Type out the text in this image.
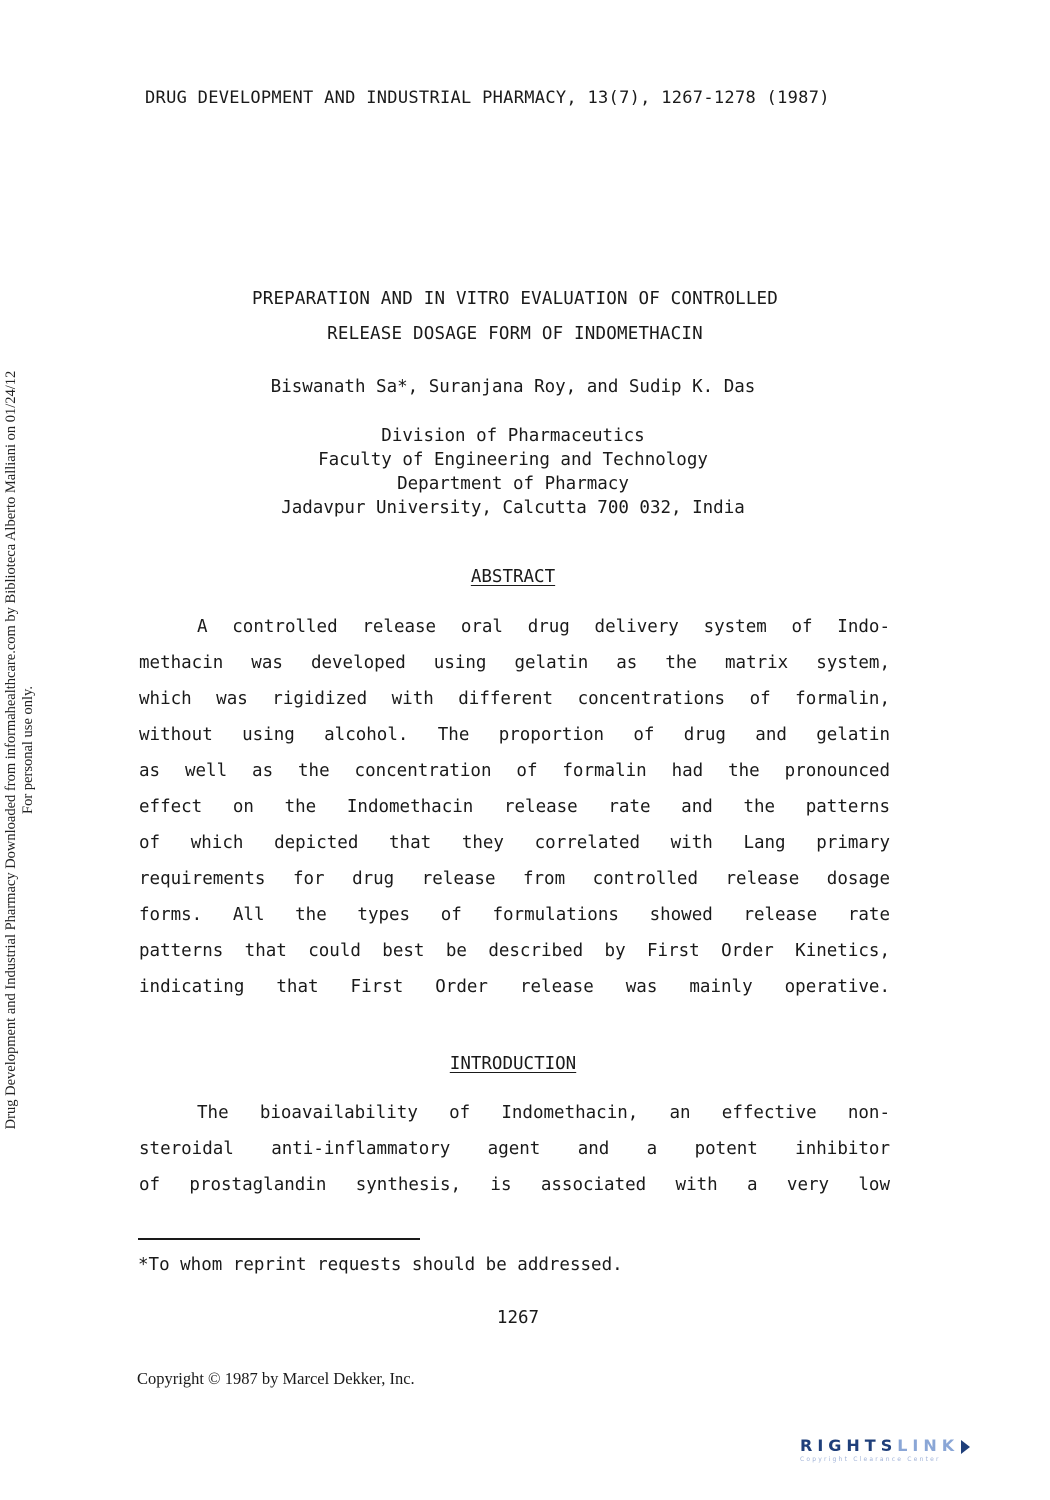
DRUG DEVELOPMENT AND INDUSTRIAL PHARMACY, 13(7), 1267-1278 (1987)
Drug Development and Industrial Pharmacy Downloaded from informahealthcare.com by Biblioteca Alberto Malliani on 01/24/12 For personal use only.
PREPARATION AND IN VITRO EVALUATION OF CONTROLLED
RELEASE DOSAGE FORM OF INDOMETHACIN
Biswanath Sa*, Suranjana Roy, and Sudip K. Das
Division of Pharmaceutics
Faculty of Engineering and Technology
Department of Pharmacy
Jadavpur University, Calcutta 700 032, India
ABSTRACT
A controlled release oral drug delivery system of Indo-
methacin was developed using gelatin as the matrix system,
which was rigidized with different concentrations of formalin,
without using alcohol. The proportion of drug and gelatin
as well as the concentration of formalin had the pronounced
effect on the Indomethacin release rate and the patterns
of which depicted that they correlated with Lang primary
requirements for drug release from controlled release dosage
forms. All the types of formulations showed release rate
patterns that could best be described by First Order Kinetics,
indicating that First Order release was mainly operative.
INTRODUCTION
The bioavailability of Indomethacin, an effective non-
steroidal anti-inflammatory agent and a potent inhibitor
of prostaglandin synthesis, is associated with a very low
*To whom reprint requests should be addressed.
1267
Copyright © 1987 by Marcel Dekker, Inc.
RIGHTSLINK
Copyright Clearance Center
